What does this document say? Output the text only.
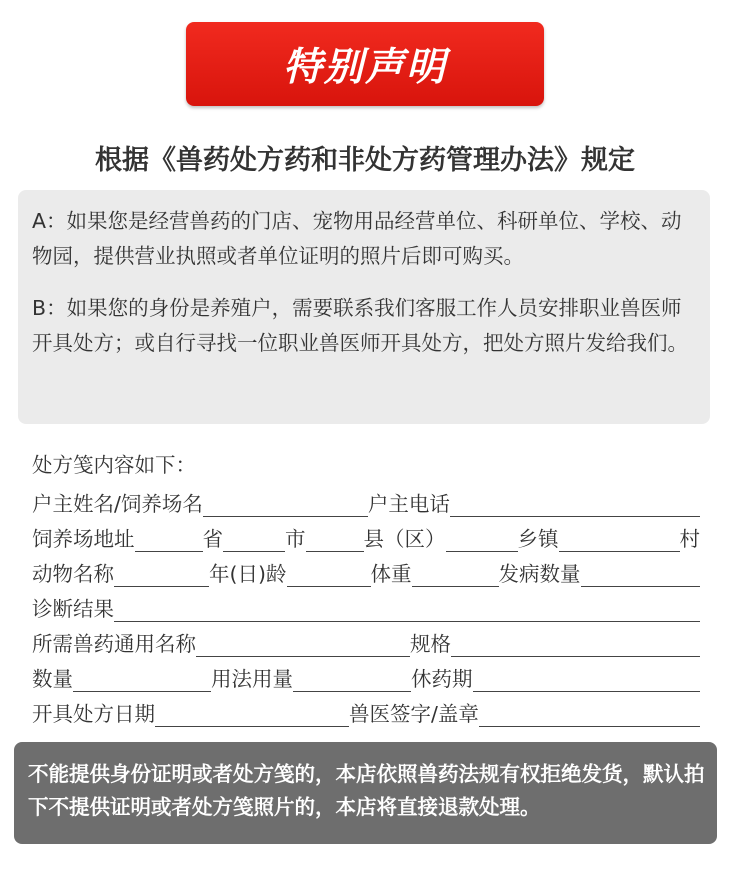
特别声明
根据《兽药处方药和非处方药管理办法》规定

A：如果您是经营兽药的门店、宠物用品经营单位、科研单位、学校、动物园，提供营业执照或者单位证明的照片后即可购买。

B：如果您的身份是养殖户，需要联系我们客服工作人员安排职业兽医师开具处方；或自行寻找一位职业兽医师开具处方，把处方照片发给我们。

处方笺内容如下：
户主姓名/饲养场名	户主电话
饲养场地址	省	市	县（区）	乡镇	村
动物名称	年(日)龄	体重	发病数量
诊断结果
所需兽药通用名称	规格
数量	用法用量	休药期
开具处方日期	兽医签字/盖章
不能提供身份证明或者处方笺的，本店依照兽药法规有权拒绝发货，默认拍下不提供证明或者处方笺照片的，本店将直接退款处理。
